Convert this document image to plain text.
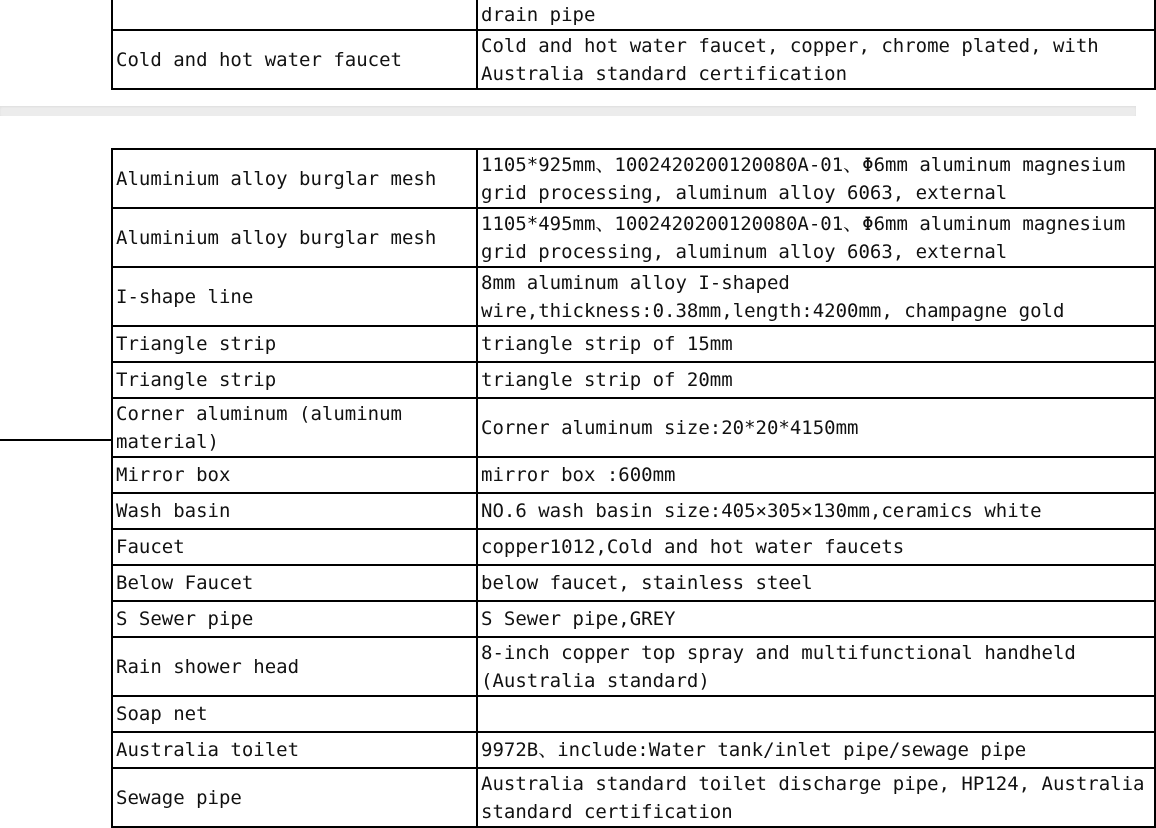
	drain pipe
Cold and hot water faucet	Cold and hot water faucet, copper, chrome plated, with Australia standard certification
Aluminium alloy burglar mesh	1105*925mm、1002420200120080A-01、Φ6mm aluminum magnesium grid processing, aluminum alloy 6063, external
Aluminium alloy burglar mesh	1105*495mm、1002420200120080A-01、Φ6mm aluminum magnesium grid processing, aluminum alloy 6063, external
I-shape line	8mm aluminum alloy I-shaped wire,thickness:0.38mm,length:4200mm, champagne gold
Triangle strip	triangle strip of 15mm
Triangle strip	triangle strip of 20mm
Corner aluminum (aluminum material)	Corner aluminum size:20*20*4150mm
Mirror box	mirror box :600mm
Wash basin	NO.6 wash basin size:405×305×130mm,ceramics white
Faucet	copper1012,Cold and hot water faucets
Below Faucet	below faucet, stainless steel
S Sewer pipe	S Sewer pipe,GREY
Rain shower head	8-inch copper top spray and multifunctional handheld (Australia standard)
Soap net	
Australia toilet	9972B、include:Water tank/inlet pipe/sewage pipe
Sewage pipe	Australia standard toilet discharge pipe, HP124, Australia standard certification
